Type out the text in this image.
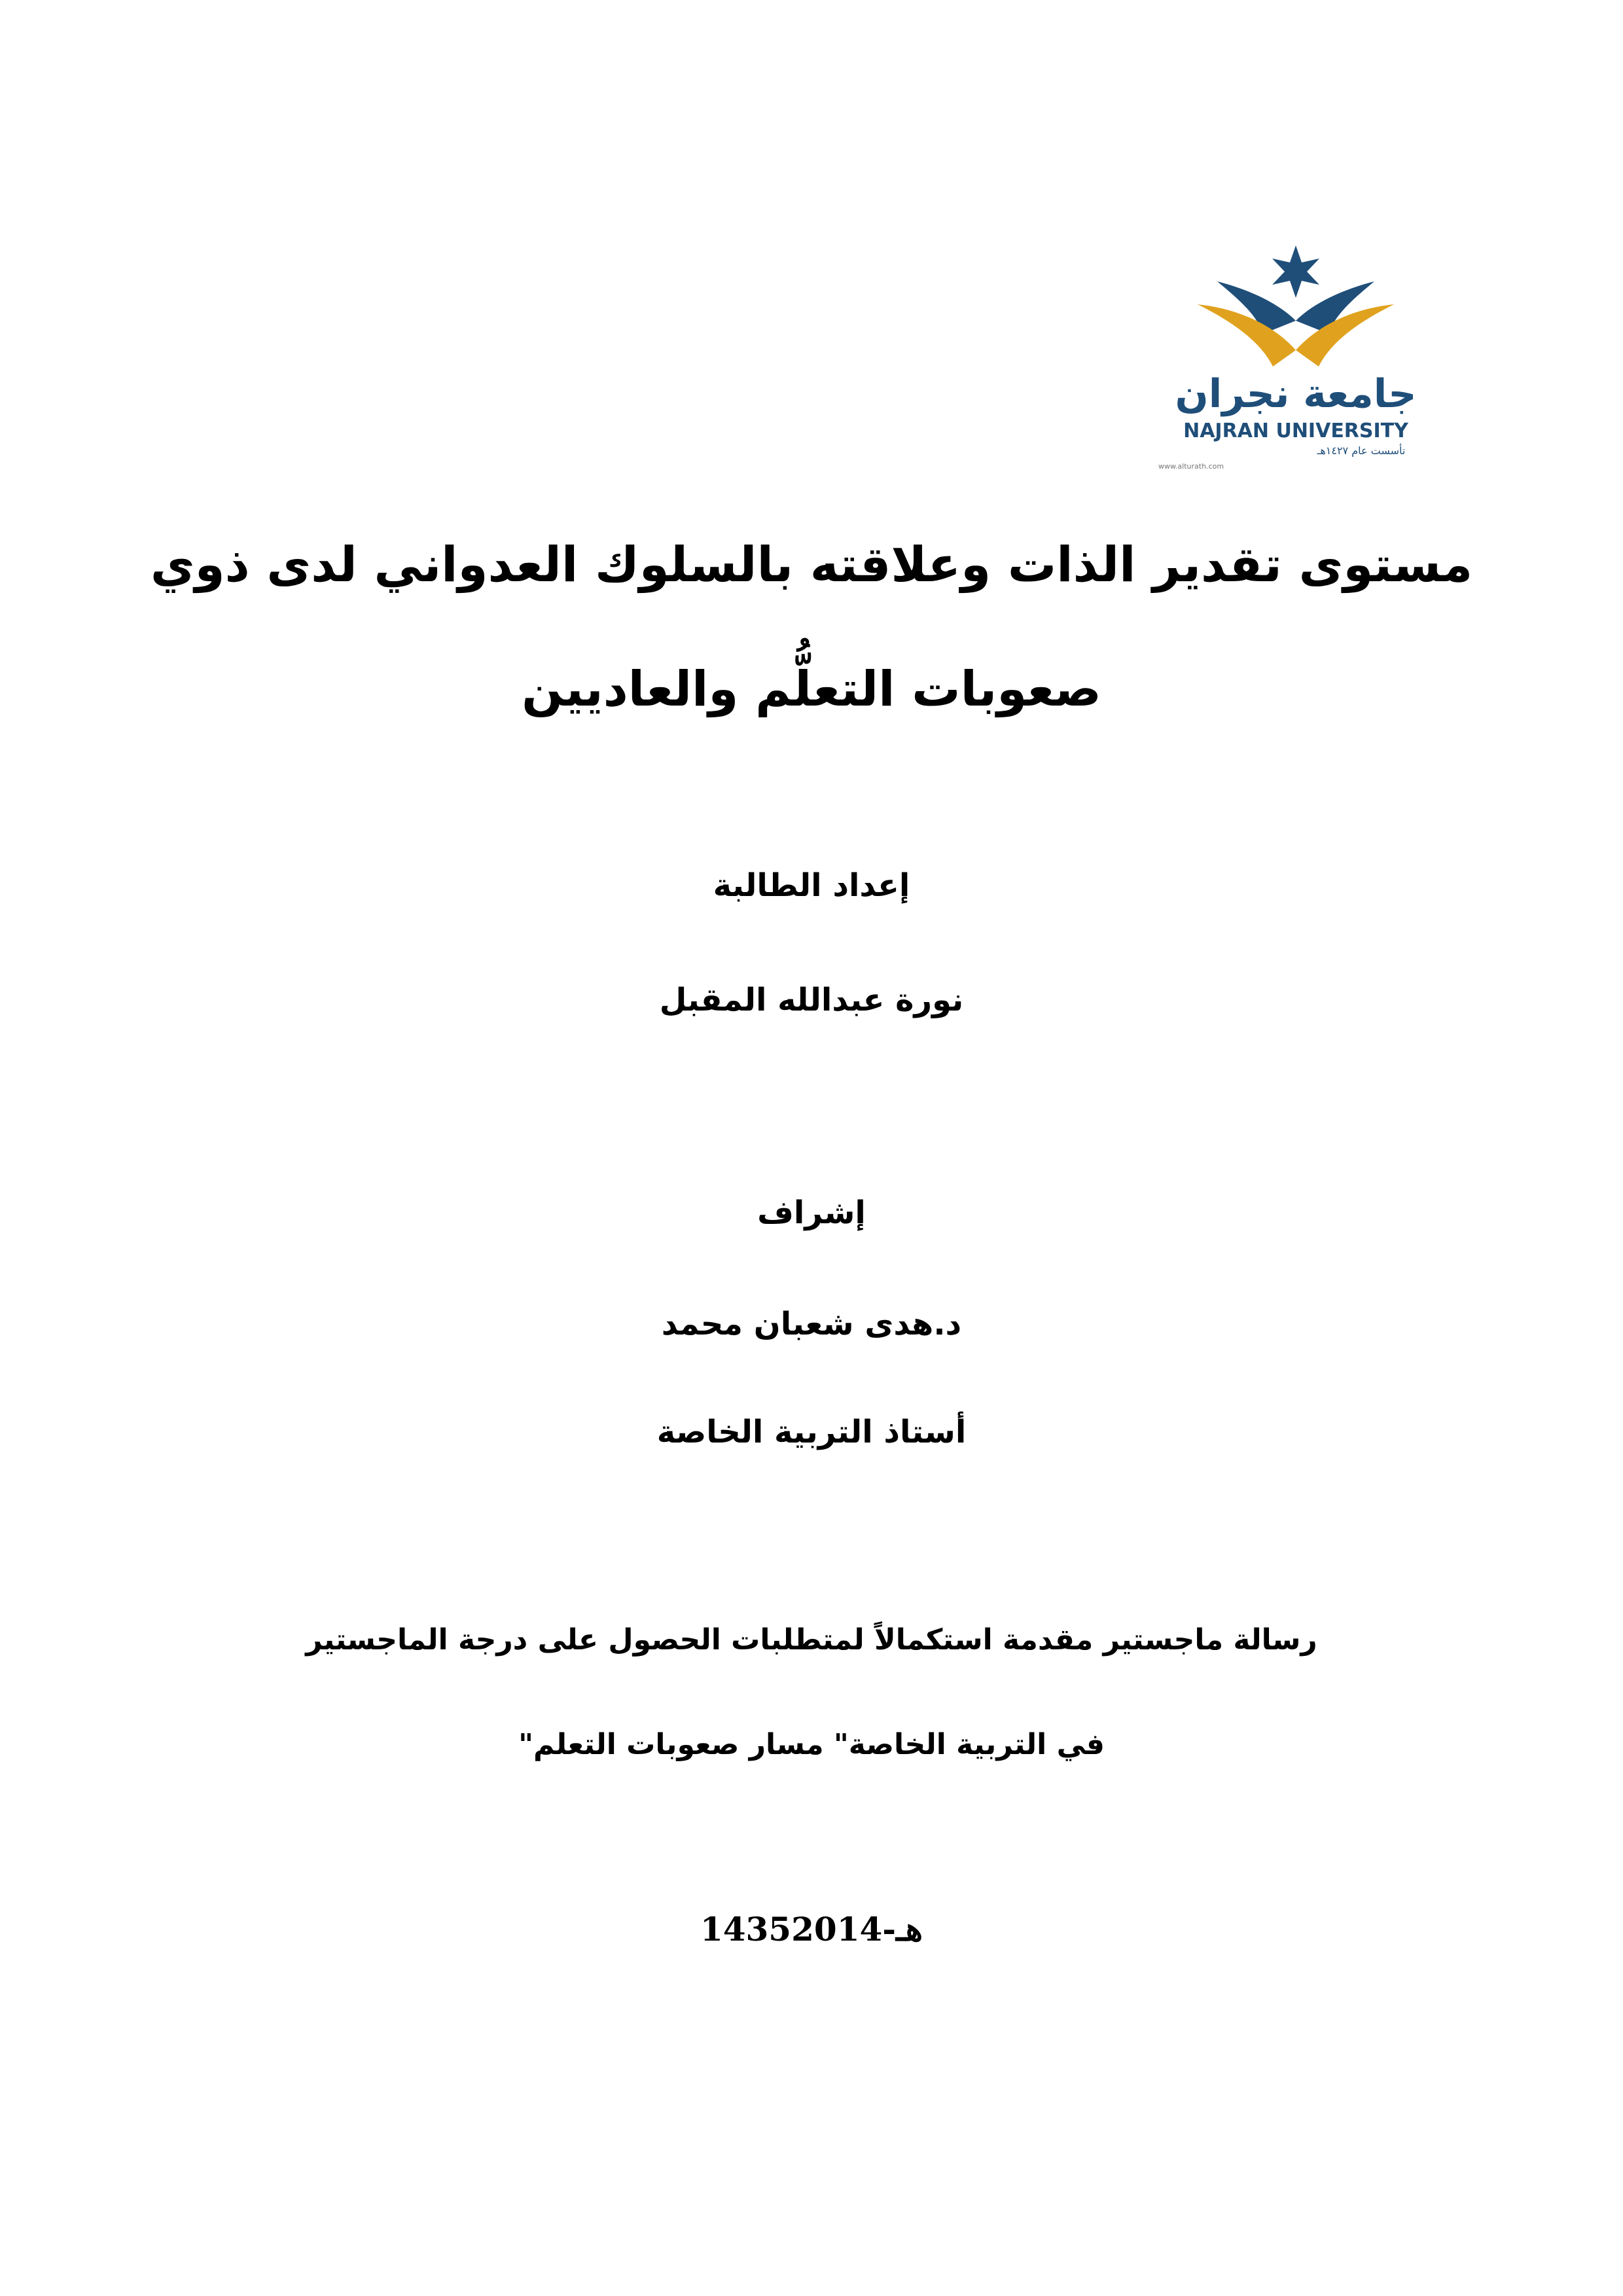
جامعة نجران
NAJRAN UNIVERSITY
تأسست عام ١٤٢٧هـ
www.alturath.com
مستوى تقدير الذات وعلاقته بالسلوك العدواني لدى ذوي
صعوبات التعلُّم والعاديين
إعداد الطالبة
نورة عبدالله المقبل
إشراف
د.هدى شعبان محمد
أستاذ التربية الخاصة
رسالة ماجستير مقدمة استكمالاً لمتطلبات الحصول على درجة الماجستير
في التربية الخاصة" مسار صعوبات التعلم"
1435هـ-2014
